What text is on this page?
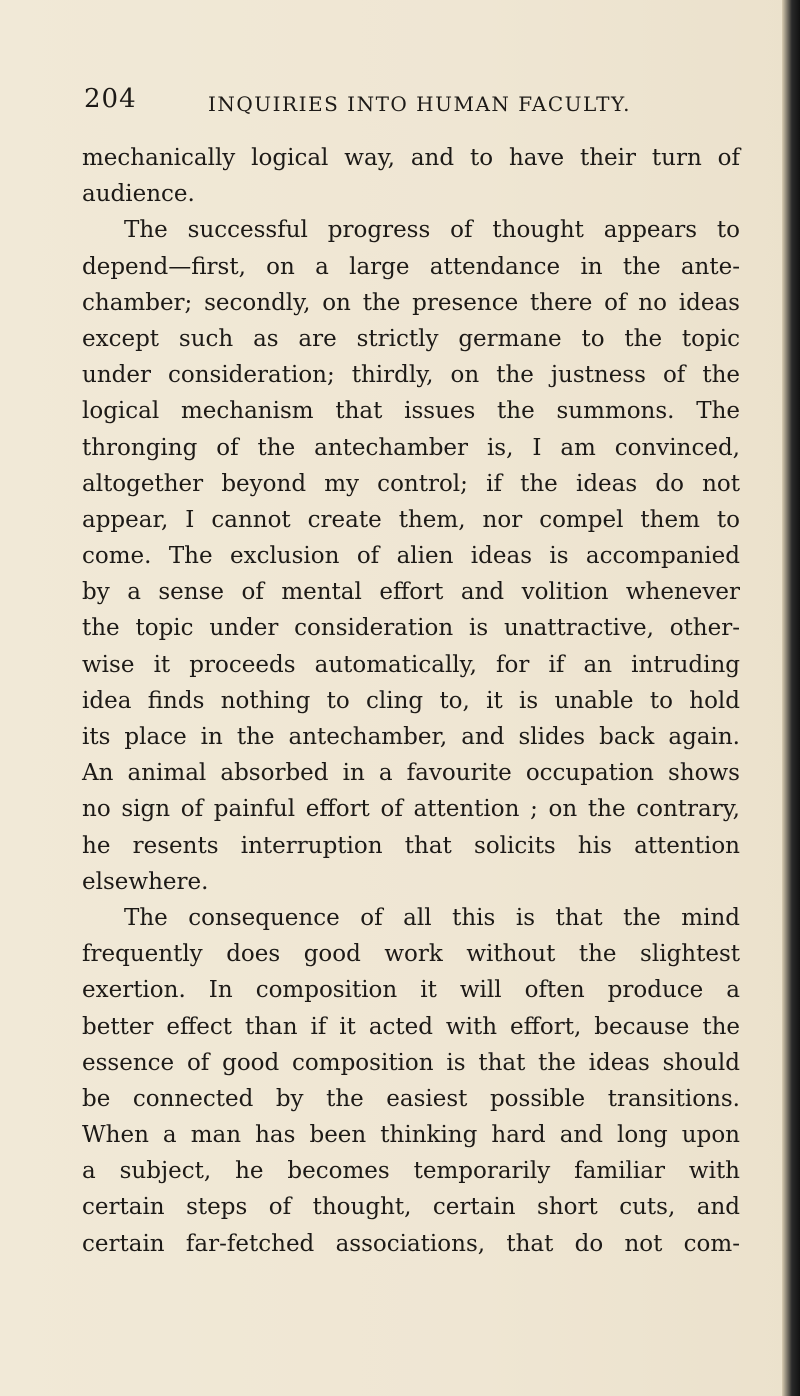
204	INQUIRIES INTO HUMAN FACULTY.
mechanically logical way, and to have their turn of
audience.
The successful progress of thought appears to
depend—first, on a large attendance in the ante-
chamber; secondly, on the presence there of no ideas
except such as are strictly germane to the topic
under consideration; thirdly, on the justness of the
logical mechanism that issues the summons. The
thronging of the antechamber is, I am convinced,
altogether beyond my control; if the ideas do not
appear, I cannot create them, nor compel them to
come. The exclusion of alien ideas is accompanied
by a sense of mental effort and volition whenever
the topic under consideration is unattractive, other-
wise it proceeds automatically, for if an intruding
idea finds nothing to cling to, it is unable to hold
its place in the antechamber, and slides back again.
An animal absorbed in a favourite occupation shows
no sign of painful effort of attention ; on the contrary,
he resents interruption that solicits his attention
elsewhere.
The consequence of all this is that the mind
frequently does good work without the slightest
exertion. In composition it will often produce a
better effect than if it acted with effort, because the
essence of good composition is that the ideas should
be connected by the easiest possible transitions.
When a man has been thinking hard and long upon
a subject, he becomes temporarily familiar with
certain steps of thought, certain short cuts, and
certain far-fetched associations, that do not com-
